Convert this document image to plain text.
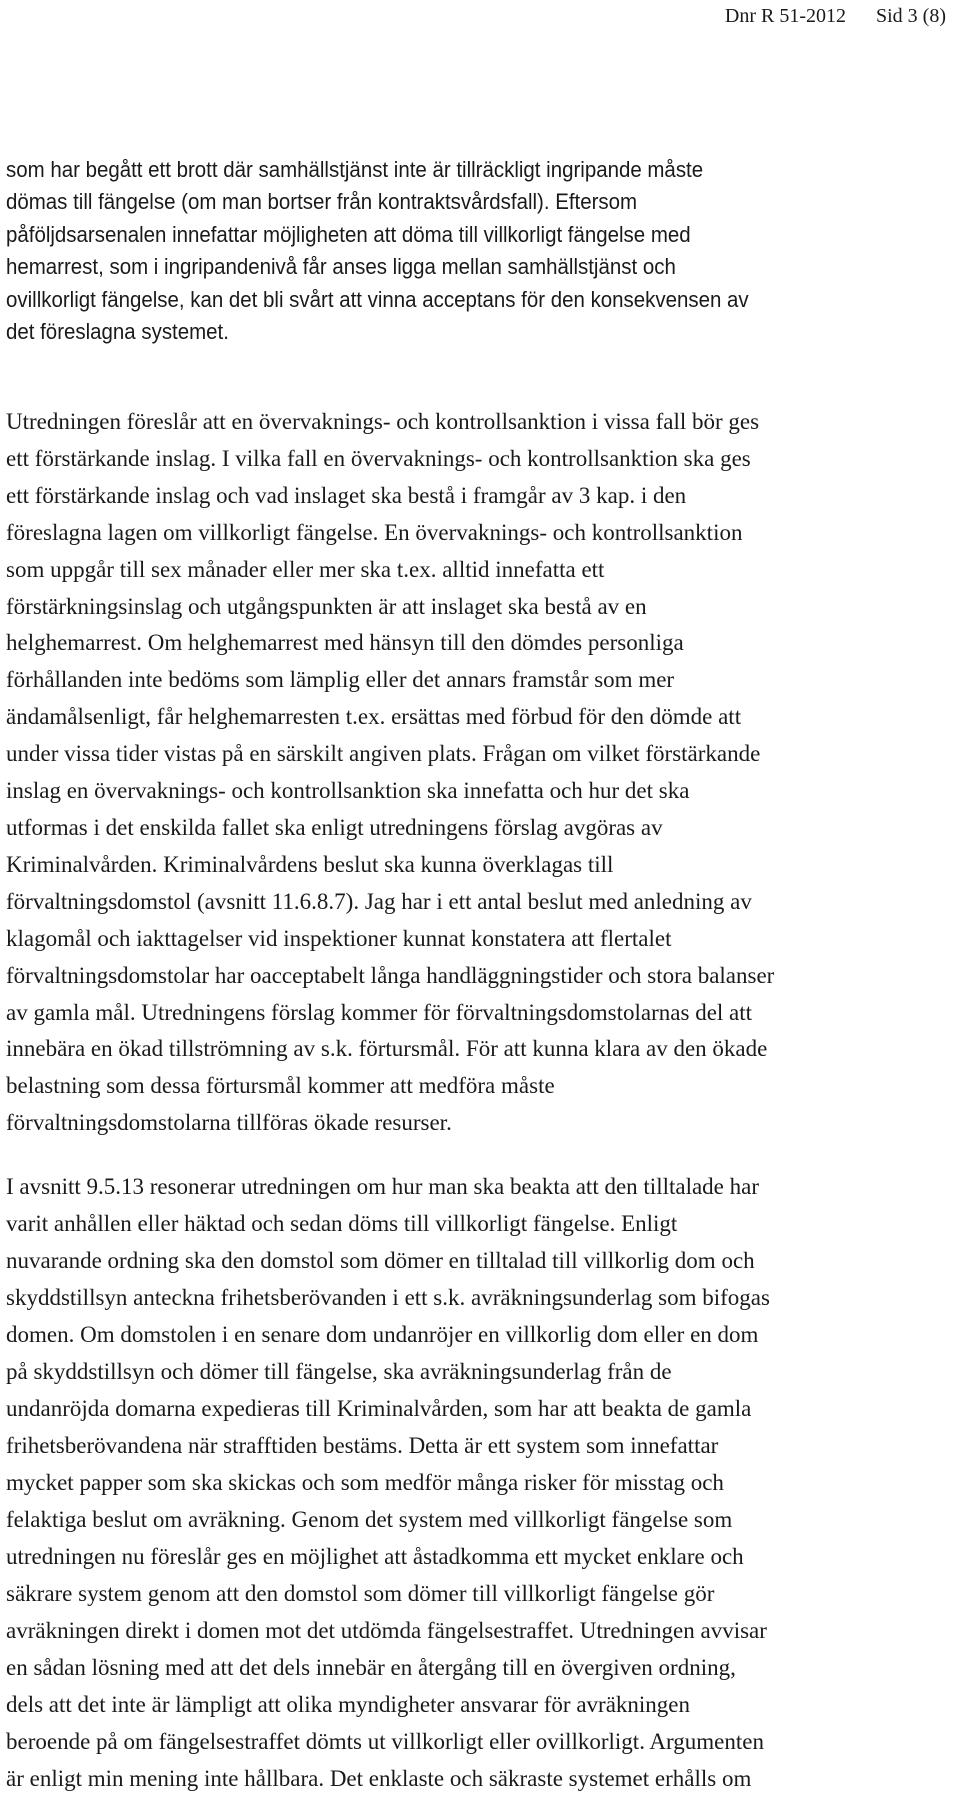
Dnr R 51-2012 Sid 3 (8)

som har begått ett brott där samhällstjänst inte är tillräckligt ingripande måste
dömas till fängelse (om man bortser från kontraktsvårdsfall). Eftersom
påföljdsarsenalen innefattar möjligheten att döma till villkorligt fängelse med
hemarrest, som i ingripandenivå får anses ligga mellan samhällstjänst och
ovillkorligt fängelse, kan det bli svårt att vinna acceptans för den konsekvensen av
det föreslagna systemet.

Utredningen föreslår att en övervaknings- och kontrollsanktion i vissa fall bör ges
ett förstärkande inslag. I vilka fall en övervaknings- och kontrollsanktion ska ges
ett förstärkande inslag och vad inslaget ska bestå i framgår av 3 kap. i den
föreslagna lagen om villkorligt fängelse. En övervaknings- och kontrollsanktion
som uppgår till sex månader eller mer ska t.ex. alltid innefatta ett
förstärkningsinslag och utgångspunkten är att inslaget ska bestå av en
helghemarrest. Om helghemarrest med hänsyn till den dömdes personliga
förhållanden inte bedöms som lämplig eller det annars framstår som mer
ändamålsenligt, får helghemarresten t.ex. ersättas med förbud för den dömde att
under vissa tider vistas på en särskilt angiven plats. Frågan om vilket förstärkande
inslag en övervaknings- och kontrollsanktion ska innefatta och hur det ska
utformas i det enskilda fallet ska enligt utredningens förslag avgöras av
Kriminalvården. Kriminalvårdens beslut ska kunna överklagas till
förvaltningsdomstol (avsnitt 11.6.8.7). Jag har i ett antal beslut med anledning av
klagomål och iakttagelser vid inspektioner kunnat konstatera att flertalet
förvaltningsdomstolar har oacceptabelt långa handläggningstider och stora balanser
av gamla mål. Utredningens förslag kommer för förvaltningsdomstolarnas del att
innebära en ökad tillströmning av s.k. förtursmål. För att kunna klara av den ökade
belastning som dessa förtursmål kommer att medföra måste
förvaltningsdomstolarna tillföras ökade resurser.

I avsnitt 9.5.13 resonerar utredningen om hur man ska beakta att den tilltalade har
varit anhållen eller häktad och sedan döms till villkorligt fängelse. Enligt
nuvarande ordning ska den domstol som dömer en tilltalad till villkorlig dom och
skyddstillsyn anteckna frihetsberövanden i ett s.k. avräkningsunderlag som bifogas
domen. Om domstolen i en senare dom undanröjer en villkorlig dom eller en dom
på skyddstillsyn och dömer till fängelse, ska avräkningsunderlag från de
undanröjda domarna expedieras till Kriminalvården, som har att beakta de gamla
frihetsberövandena när strafftiden bestäms. Detta är ett system som innefattar
mycket papper som ska skickas och som medför många risker för misstag och
felaktiga beslut om avräkning. Genom det system med villkorligt fängelse som
utredningen nu föreslår ges en möjlighet att åstadkomma ett mycket enklare och
säkrare system genom att den domstol som dömer till villkorligt fängelse gör
avräkningen direkt i domen mot det utdömda fängelsestraffet. Utredningen avvisar
en sådan lösning med att det dels innebär en återgång till en övergiven ordning,
dels att det inte är lämpligt att olika myndigheter ansvarar för avräkningen
beroende på om fängelsestraffet dömts ut villkorligt eller ovillkorligt. Argumenten
är enligt min mening inte hållbara. Det enklaste och säkraste systemet erhålls om
